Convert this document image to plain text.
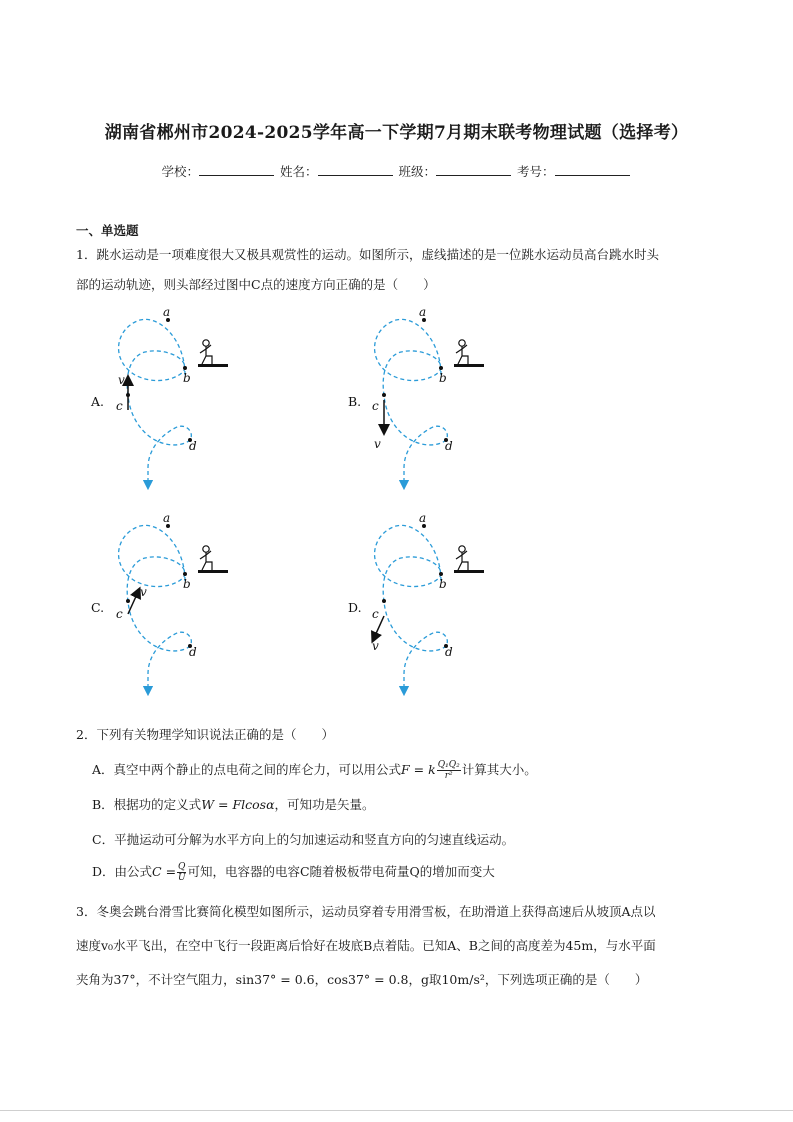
湖南省郴州市2024-2025学年高一下学期7月期末联考物理试题（选择考）
学校：	姓名：	班级：	考号：
一、单选题
1．跳水运动是一项难度很大又极具观赏性的运动。如图所示，虚线描述的是一位跳水运动员高台跳水时头
部的运动轨迹，则头部经过图中C点的速度方向正确的是（　　）
a
b
c
d
v
a
b
c
d
v
a
b
c
d
v
a
b
c
d
v
A.	B.
C.	D.
2．下列有关物理学知识说法正确的是（　　）
A．真空中两个静止的点电荷之间的库仑力，可以用公式F = k $\frac{\text{Q₁Q₂}}{\text{r²}}$ 计算其大小。
B．根据功的定义式W = Flcosα，可知功是矢量。
C．平抛运动可分解为水平方向上的匀加速运动和竖直方向的匀速直线运动。
D．由公式$C = \frac{Q}{U}$ 可知，电容器的电容C随着极板带电荷量Q的增加而变大
3．冬奥会跳台滑雪比赛简化模型如图所示，运动员穿着专用滑雪板，在助滑道上获得高速后从坡顶A点以
速度v₀水平飞出，在空中飞行一段距离后恰好在坡底B点着陆。已知A、B之间的高度差为45m，与水平面
夹角为37°，不计空气阻力，sin37° = 0.6，cos37° = 0.8，g取10m/s²，下列选项正确的是（　　）
